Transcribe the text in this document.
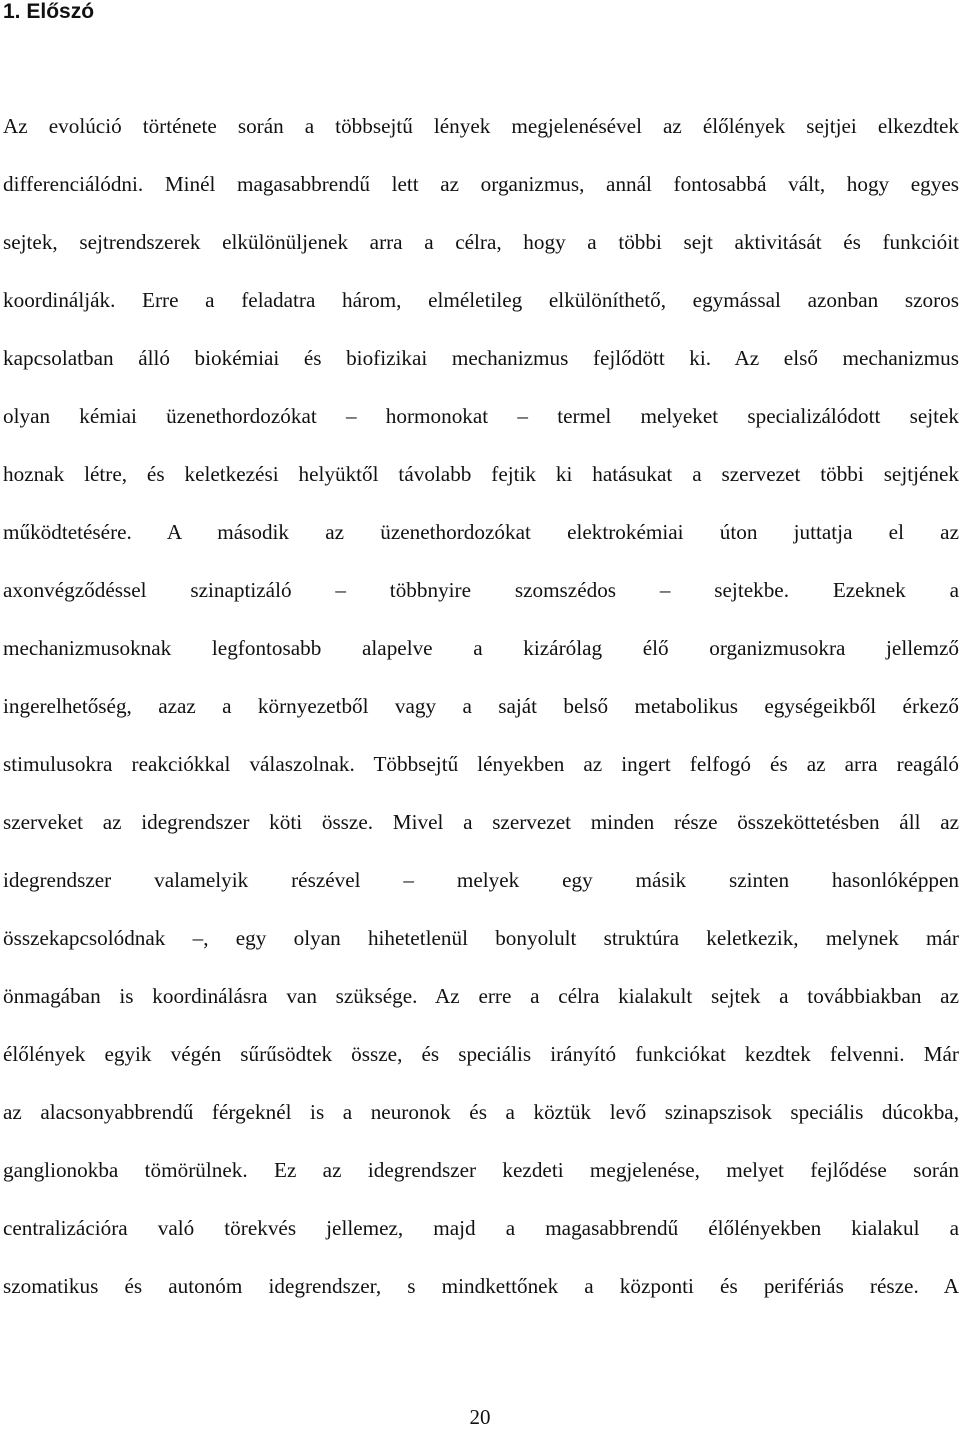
1. Előszó
Az evolúció története során a többsejtű lények megjelenésével az élőlények sejtjei elkezdtek
differenciálódni. Minél magasabbrendű lett az organizmus, annál fontosabbá vált, hogy egyes
sejtek, sejtrendszerek elkülönüljenek arra a célra, hogy a többi sejt aktivitását és funkcióit
koordinálják. Erre a feladatra három, elméletileg elkülöníthető, egymással azonban szoros
kapcsolatban álló biokémiai és biofizikai mechanizmus fejlődött ki. Az első mechanizmus
olyan kémiai üzenethordozókat – hormonokat – termel melyeket specializálódott sejtek
hoznak létre, és keletkezési helyüktől távolabb fejtik ki hatásukat a szervezet többi sejtjének
működtetésére. A második az üzenethordozókat elektrokémiai úton juttatja el az
axonvégződéssel szinaptizáló – többnyire szomszédos – sejtekbe. Ezeknek a
mechanizmusoknak legfontosabb alapelve a kizárólag élő organizmusokra jellemző
ingerelhetőség, azaz a környezetből vagy a saját belső metabolikus egységeikből érkező
stimulusokra reakciókkal válaszolnak. Többsejtű lényekben az ingert felfogó és az arra reagáló
szerveket az idegrendszer köti össze. Mivel a szervezet minden része összeköttetésben áll az
idegrendszer valamelyik részével – melyek egy másik szinten hasonlóképpen
összekapcsolódnak –, egy olyan hihetetlenül bonyolult struktúra keletkezik, melynek már
önmagában is koordinálásra van szüksége. Az erre a célra kialakult sejtek a továbbiakban az
élőlények egyik végén sűrűsödtek össze, és speciális irányító funkciókat kezdtek felvenni. Már
az alacsonyabbrendű férgeknél is a neuronok és a köztük levő szinapszisok speciális dúcokba,
ganglionokba tömörülnek. Ez az idegrendszer kezdeti megjelenése, melyet fejlődése során
centralizációra való törekvés jellemez, majd a magasabbrendű élőlényekben kialakul a
szomatikus és autonóm idegrendszer, s mindkettőnek a központi és perifériás része. A
20
